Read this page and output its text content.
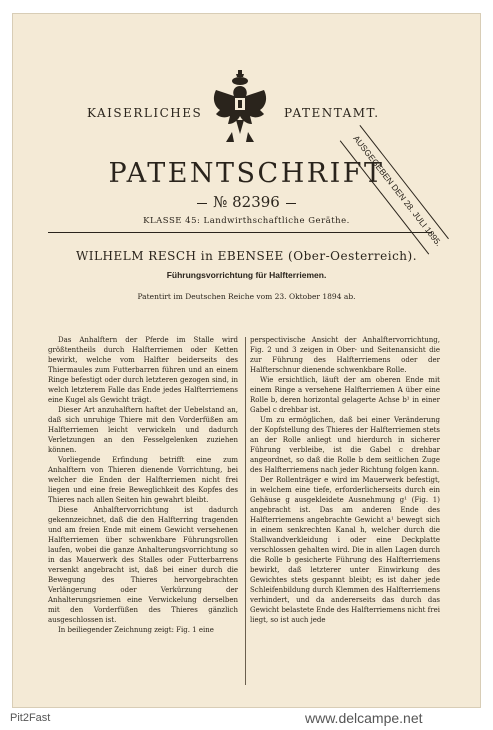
KAISERLICHES	PATENTAMT.
AUSGEGEBEN DEN 28. JULI 1895.
PATENTSCHRIFT
№ 82396
KLASSE 45: Landwirthschaftliche Geräthe.
WILHELM RESCH in EBENSEE (Ober-Oesterreich).
Führungsvorrichtung für Halfterriemen.
Patentirt im Deutschen Reiche vom 23. Oktober 1894 ab.

Das Anhalftern der Pferde im Stalle wird größtentheils durch Halfterriemen oder Ketten bewirkt, welche vom Halfter beiderseits des Thiermaules zum Futterbarren führen und an einem Ringe befestigt oder durch letzteren gezogen sind, in welch letzterem Falle das Ende jedes Halfterriemens eine Kugel als Gewicht trägt.

Dieser Art anzuhalftern haftet der Uebelstand an, daß sich unruhige Thiere mit den Vorderfüßen am Halfterriemen leicht verwickeln und dadurch Verletzungen an den Fesselgelenken zuziehen können.

Vorliegende Erfindung betrifft eine zum Anhalftern von Thieren dienende Vorrichtung, bei welcher die Enden der Halfterriemen nicht frei liegen und eine freie Beweglichkeit des Kopfes des Thieres nach allen Seiten hin gewahrt bleibt.

Diese Anhalftervorrichtung ist dadurch gekennzeichnet, daß die den Halfterring tragenden und am freien Ende mit einem Gewicht versehenen Halfterriemen über schwenkbare Führungsrollen laufen, wobei die ganze Anhalterungsvorrichtung so in das Mauerwerk des Stalles oder Futterbarrens versenkt angebracht ist, daß bei einer durch die Bewegung des Thieres hervorgebrachten Verlängerung oder Verkürzung der Anhalterungsriemen eine Verwickelung derselben mit den Vorderfüßen des Thieres gänzlich ausgeschlossen ist.

In beiliegender Zeichnung zeigt: Fig. 1 eine

perspectivische Ansicht der Anhalftervorrichtung, Fig. 2 und 3 zeigen in Ober- und Seitenansicht die zur Führung des Halfterriemens oder der Halfterschnur dienende schwenkbare Rolle.

Wie ersichtlich, läuft der am oberen Ende mit einem Ringe a versehene Halfterriemen A über eine Rolle b, deren horizontal gelagerte Achse b¹ in einer Gabel c drehbar ist.

Um zu ermöglichen, daß bei einer Veränderung der Kopfstellung des Thieres der Halfterriemen stets an der Rolle anliegt und hierdurch in sicherer Führung verbleibe, ist die Gabel c drehbar angeordnet, so daß die Rolle b dem seitlichen Zuge des Halfterriemens nach jeder Richtung folgen kann.

Der Rollenträger e wird im Mauerwerk befestigt, in welchem eine tiefe, erforderlicherseits durch ein Gehäuse g ausgekleidete Ausnehmung g¹ (Fig. 1) angebracht ist. Das am anderen Ende des Halfterriemens angebrachte Gewicht a¹ bewegt sich in einem senkrechten Kanal h, welcher durch die Stallwandverkleidung i oder eine Deckplatte verschlossen gehalten wird. Die in allen Lagen durch die Rolle b gesicherte Führung des Halfterriemens bewirkt, daß letzterer unter Einwirkung des Gewichtes stets gespannt bleibt; es ist daher jede Schleifenbildung durch Klemmen des Halfterriemens verhindert, und da andererseits das durch das Gewicht belastete Ende des Halfterriemens nicht frei liegt, so ist auch jede

Pit2Fast	www.delcampe.net
